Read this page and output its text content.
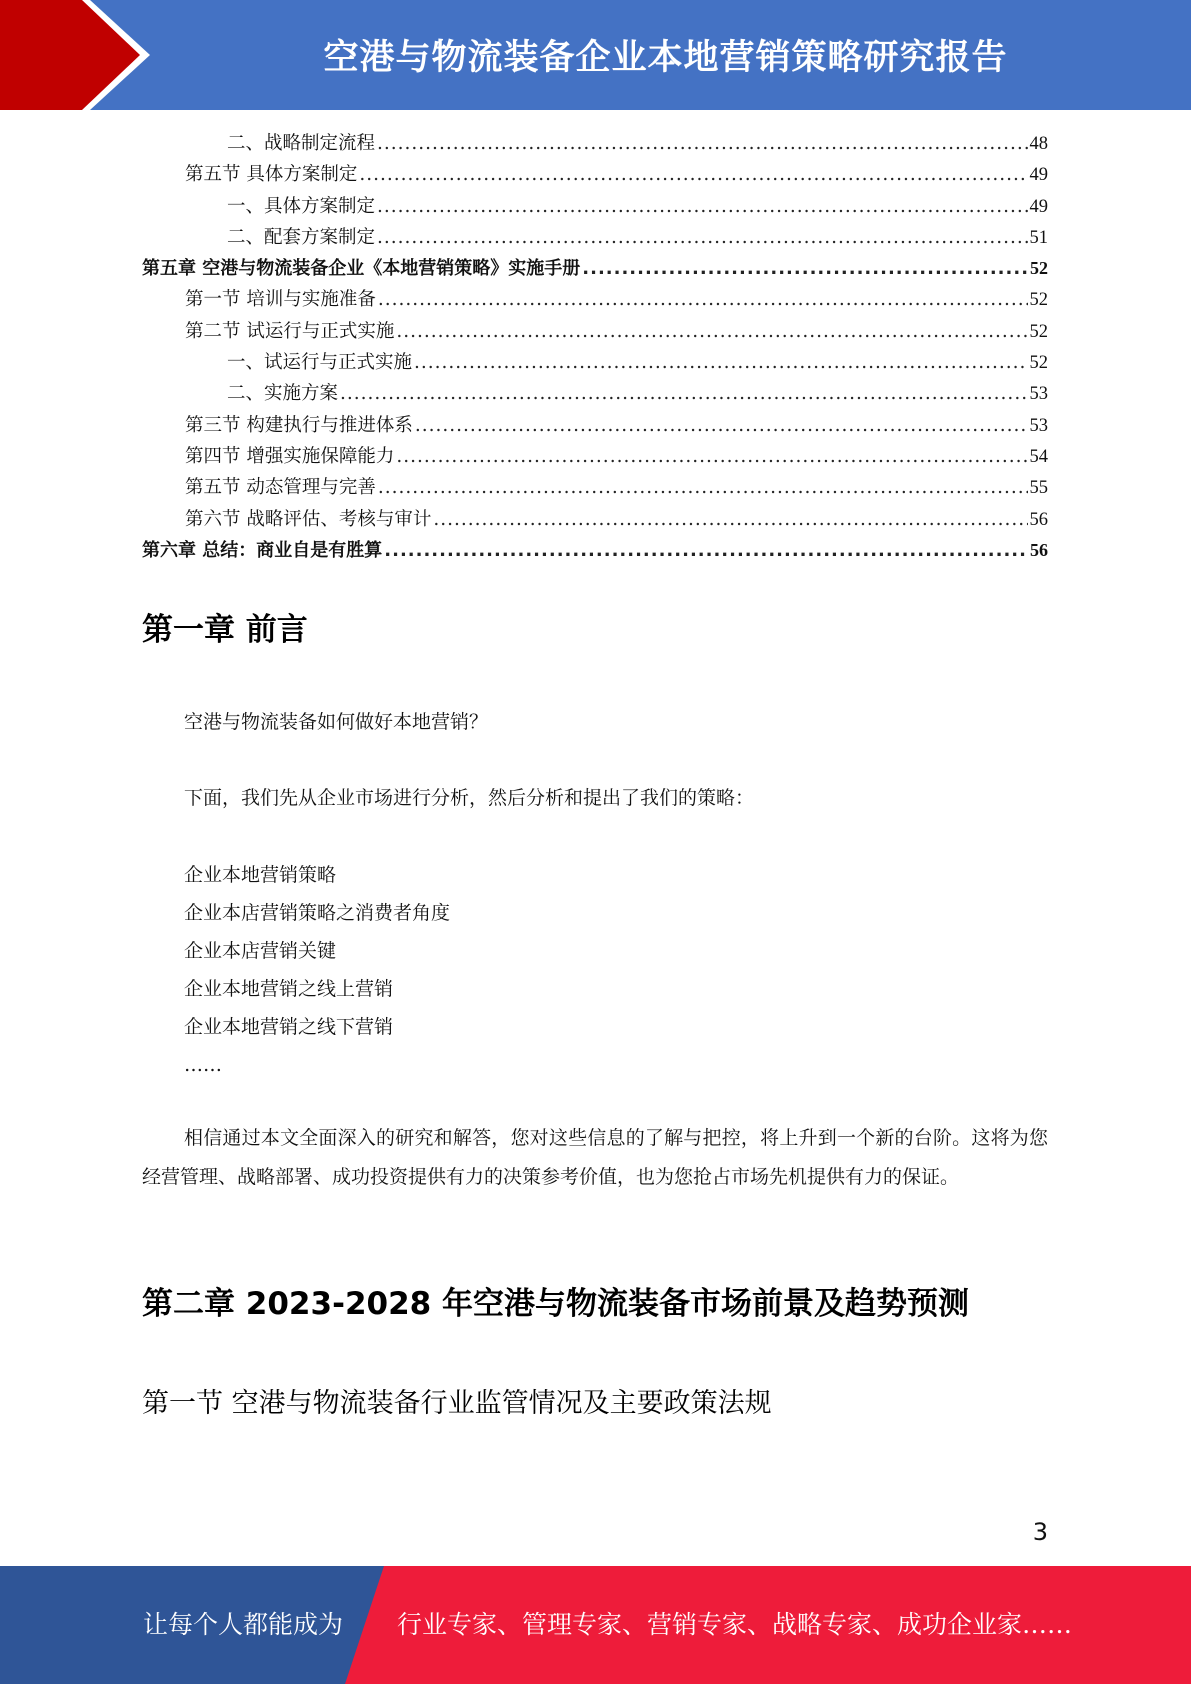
空港与物流装备企业本地营销策略研究报告
二、战略制定流程 .....	48
第五节 具体方案制定 .....	49
一、具体方案制定 .....	49
二、配套方案制定 .....	51
第五章 空港与物流装备企业《本地营销策略》实施手册 .....	52
第一节 培训与实施准备 .....	52
第二节 试运行与正式实施 .....	52
一、试运行与正式实施 .....	52
二、实施方案 .....	53
第三节 构建执行与推进体系 .....	53
第四节 增强实施保障能力 .....	54
第五节 动态管理与完善 .....	55
第六节 战略评估、考核与审计 .....	56
第六章 总结：商业自是有胜算 .....	56
第一章 前言
空港与物流装备如何做好本地营销？
下面，我们先从企业市场进行分析，然后分析和提出了我们的策略：
企业本地营销策略
企业本店营销策略之消费者角度
企业本店营销关键
企业本地营销之线上营销
企业本地营销之线下营销
……
相信通过本文全面深入的研究和解答，您对这些信息的了解与把控，将上升到一个新的台阶。这将为您经营管理、战略部署、成功投资提供有力的决策参考价值，也为您抢占市场先机提供有力的保证。
第二章 2023-2028 年空港与物流装备市场前景及趋势预测
第一节 空港与物流装备行业监管情况及主要政策法规
3
让每个人都能成为 行业专家、管理专家、营销专家、战略专家、成功企业家……
